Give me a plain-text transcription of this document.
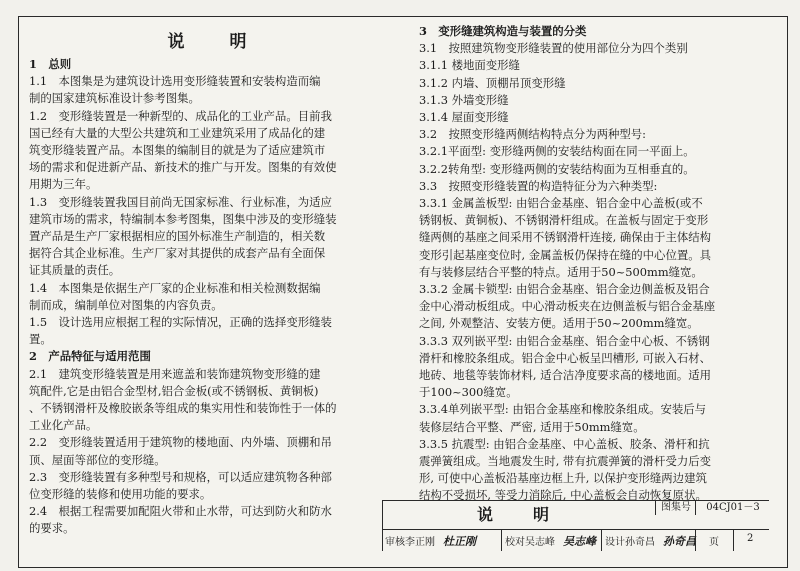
说　明
1　总则
1.1　本图集是为建筑设计选用变形缝装置和安装构造而编
制的国家建筑标准设计参考图集。
1.2　变形缝装置是一种新型的、成品化的工业产品。目前我
国已经有大量的大型公共建筑和工业建筑采用了成品化的建
筑变形缝装置产品。本图集的编制目的就是为了适应建筑市
场的需求和促进新产品、新技术的推广与开发。图集的有效使
用期为三年。
1.3　变形缝装置我国目前尚无国家标准、行业标准，为适应
建筑市场的需求，特编制本参考图集，图集中涉及的变形缝装
置产品是生产厂家根据相应的国外标准生产制造的，相关数
据符合其企业标准。生产厂家对其提供的成套产品有全面保
证其质量的责任。
1.4　本图集是依据生产厂家的企业标准和相关检测数据编
制而成，编制单位对图集的内容负责。
1.5　设计选用应根据工程的实际情况，正确的选择变形缝装
置。
2　产品特征与适用范围
2.1　建筑变形缝装置是用来遮盖和装饰建筑物变形缝的建
筑配件,它是由铝合金型材,铝合金板(或不锈钢板、黄铜板)
、不锈钢滑杆及橡胶嵌条等组成的集实用性和装饰性于一体的
工业化产品。
2.2　变形缝装置适用于建筑物的楼地面、内外墙、顶棚和吊
顶、屋面等部位的变形缝。
2.3　变形缝装置有多种型号和规格，可以适应建筑物各种部
位变形缝的装修和使用功能的要求。
2.4　根据工程需要加配阻火带和止水带，可达到防火和防水
的要求。
3　变形缝建筑构造与装置的分类
3.1　按照建筑物变形缝装置的使用部位分为四个类别
3.1.1 楼地面变形缝
3.1.2 内墙、顶棚吊顶变形缝
3.1.3 外墙变形缝
3.1.4 屋面变形缝
3.2　按照变形缝两侧结构特点分为两种型号:
3.2.1平面型: 变形缝两侧的安装结构面在同一平面上。
3.2.2转角型: 变形缝两侧的安装结构面为互相垂直的。
3.3　按照变形缝装置的构造特征分为六种类型:
3.3.1 金属盖板型: 由铝合金基座、铝合金中心盖板(或不
锈钢板、黄铜板)、不锈钢滑杆组成。在盖板与固定于变形
缝两侧的基座之间采用不锈钢滑杆连接, 确保由于主体结构
变形引起基座变位时, 金属盖板仍保持在缝的中心位置。具
有与装修层结合平整的特点。适用于50~500mm缝宽。
3.3.2 金属卡锁型: 由铝合金基座、铝合金边侧盖板及铝合
金中心滑动板组成。中心滑动板夹在边侧盖板与铝合金基座
之间, 外观整洁、安装方便。适用于50~200mm缝宽。
3.3.3 双列嵌平型: 由铝合金基座、铝合金中心板、不锈钢
滑杆和橡胶条组成。铝合金中心板呈凹槽形, 可嵌入石材、
地砖、地毯等装饰材料, 适合洁净度要求高的楼地面。适用
于100~300缝宽。
3.3.4单列嵌平型: 由铝合金基座和橡胶条组成。安装后与
装修层结合平整、严密, 适用于50mm缝宽。
3.3.5 抗震型: 由铝合金基座、中心盖板、胶条、滑杆和抗
震弹簧组成。当地震发生时, 带有抗震弹簧的滑杆受力后变
形, 可使中心盖板沿基座边框上升, 以保护变形缝两边建筑
结构不受损坏, 等受力消除后, 中心盖板会自动恢复原状。
说　明	图集号	04CJ01－3
审核 李正刚 杜正刚	校对 吴志峰 吴志峰 设计 孙奇昌 孙奇昌 页	2
